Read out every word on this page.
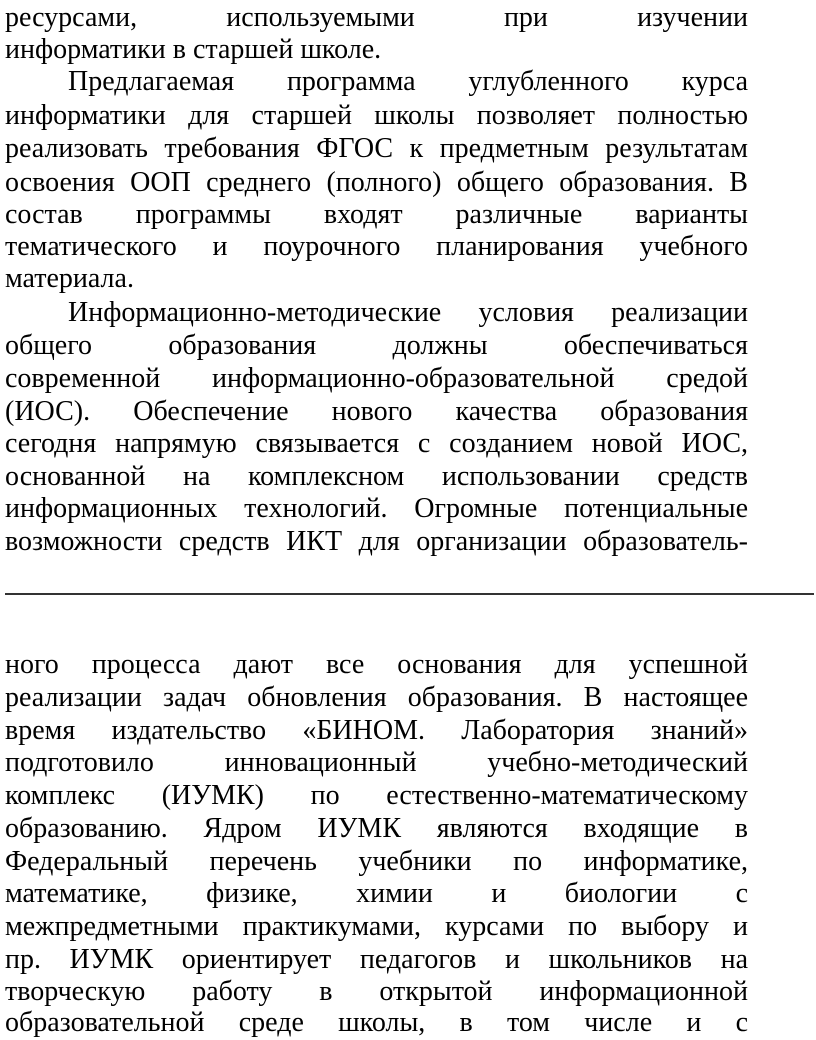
ресурсами, используемыми при изучении
информатики в старшей школе.
Предлагаемая программа углубленного курса
информатики для старшей школы позволяет полностью
реализовать требования ФГОС к предметным результатам
освоения ООП среднего (полного) общего образования. В
состав программы входят различные варианты
тематического и поурочного планирования учебного
материала.
Информационно-методические условия реализации
общего образования должны обеспечиваться
современной информационно-образовательной средой
(ИОС). Обеспечение нового качества образования
сегодня напрямую связывается с созданием новой ИОС,
основанной на комплексном использовании средств
информационных технологий. Огромные потенциальные
возможности средств ИКТ для организации образователь-
ного процесса дают все основания для успешной
реализации задач обновления образования. В настоящее
время издательство «БИНОМ. Лаборатория знаний»
подготовило инновационный учебно-методический
комплекс (ИУМК) по естественно-математическому
образованию. Ядром ИУМК являются входящие в
Федеральный перечень учебники по информатике,
математике, физике, химии и биологии с
межпредметными практикумами, курсами по выбору и
пр. ИУМК ориентирует педагогов и школьников на
творческую работу в открытой информационной
образовательной среде школы, в том числе и с
